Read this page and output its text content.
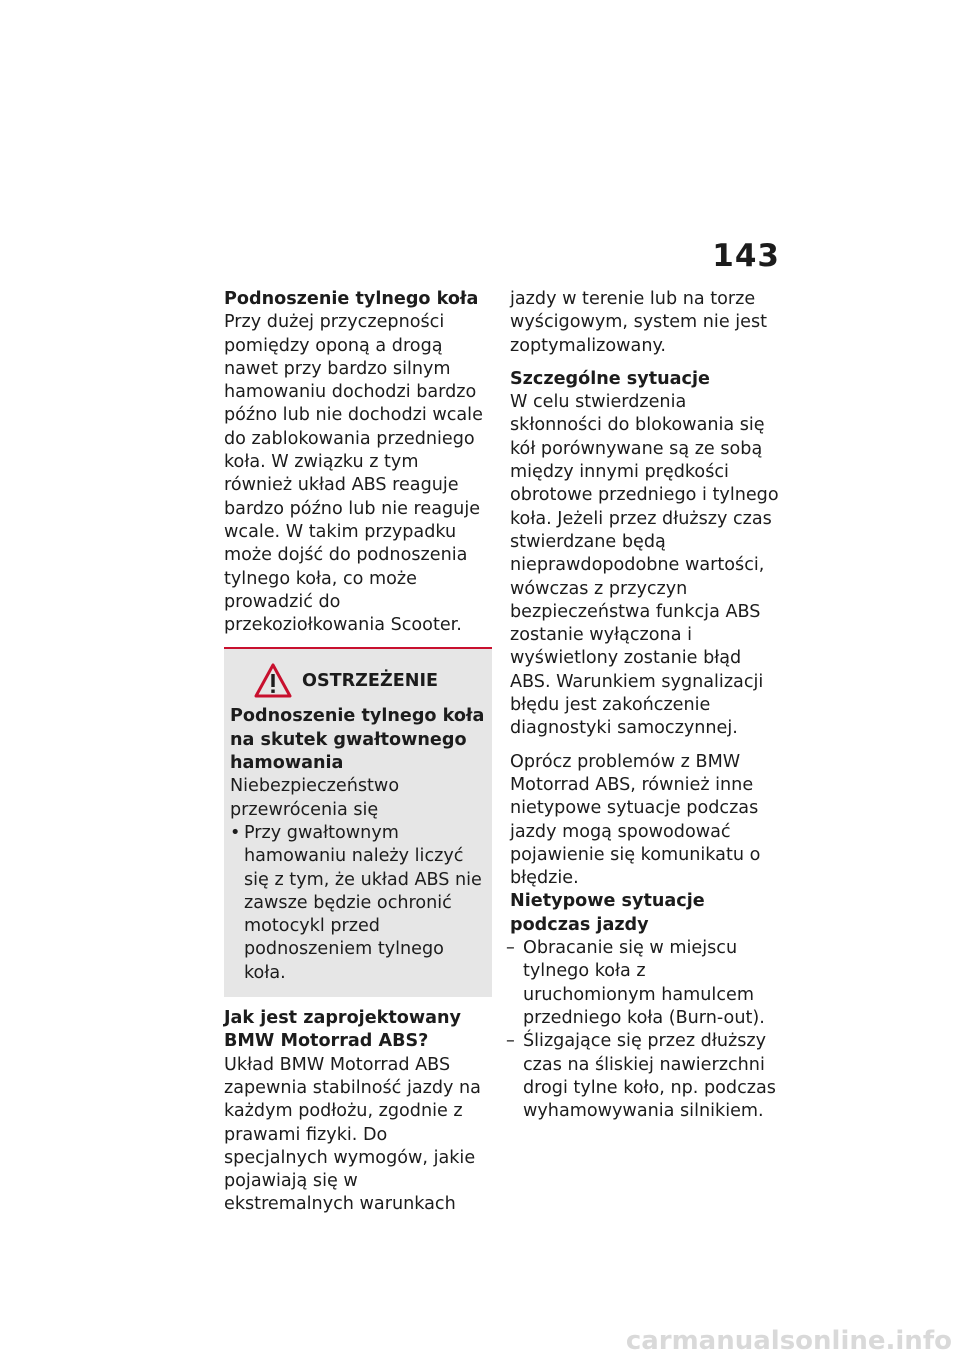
143

Podnoszenie tylnego koła
Przy dużej przyczepności pomiędzy oponą a drogą nawet przy bardzo silnym hamowaniu dochodzi bardzo późno lub nie dochodzi wcale do zablokowania przedniego koła. W związku z tym również układ ABS reaguje bardzo późno lub nie reaguje wcale. W takim przypadku może dojść do podnoszenia tylnego koła, co może prowadzić do przekoziołkowania Scooter.

OSTRZEŻENIE
Podnoszenie tylnego koła na skutek gwałtownego hamowania
Niebezpieczeństwo przewrócenia się
• Przy gwałtownym hamowaniu należy liczyć się z tym, że układ ABS nie zawsze będzie ochronić motocykl przed podnoszeniem tylnego koła.

Jak jest zaprojektowany BMW Motorrad ABS?
Układ BMW Motorrad ABS zapewnia stabilność jazdy na każdym podłożu, zgodnie z prawami fizyki. Do specjalnych wymogów, jakie pojawiają się w ekstremalnych warunkach

jazdy w terenie lub na torze wyścigowym, system nie jest zoptymalizowany.

Szczególne sytuacje
W celu stwierdzenia skłonności do blokowania się kół porównywane są ze sobą między innymi prędkości obrotowe przedniego i tylnego koła. Jeżeli przez dłuższy czas stwierdzane będą nieprawdopodobne wartości, wówczas z przyczyn bezpieczeństwa funkcja ABS zostanie wyłączona i wyświetlony zostanie błąd ABS. Warunkiem sygnalizacji błędu jest zakończenie diagnostyki samoczynnej.

Oprócz problemów z BMW Motorrad ABS, również inne nietypowe sytuacje podczas jazdy mogą spowodować pojawienie się komunikatu o błędzie.

Nietypowe sytuacje podczas jazdy
– Obracanie się w miejscu tylnego koła z uruchomionym hamulcem przedniego koła (Burn-out).
– Ślizgające się przez dłuższy czas na śliskiej nawierzchni drogi tylne koło, np. podczas wyhamowywania silnikiem.
carmanualsonline.info
